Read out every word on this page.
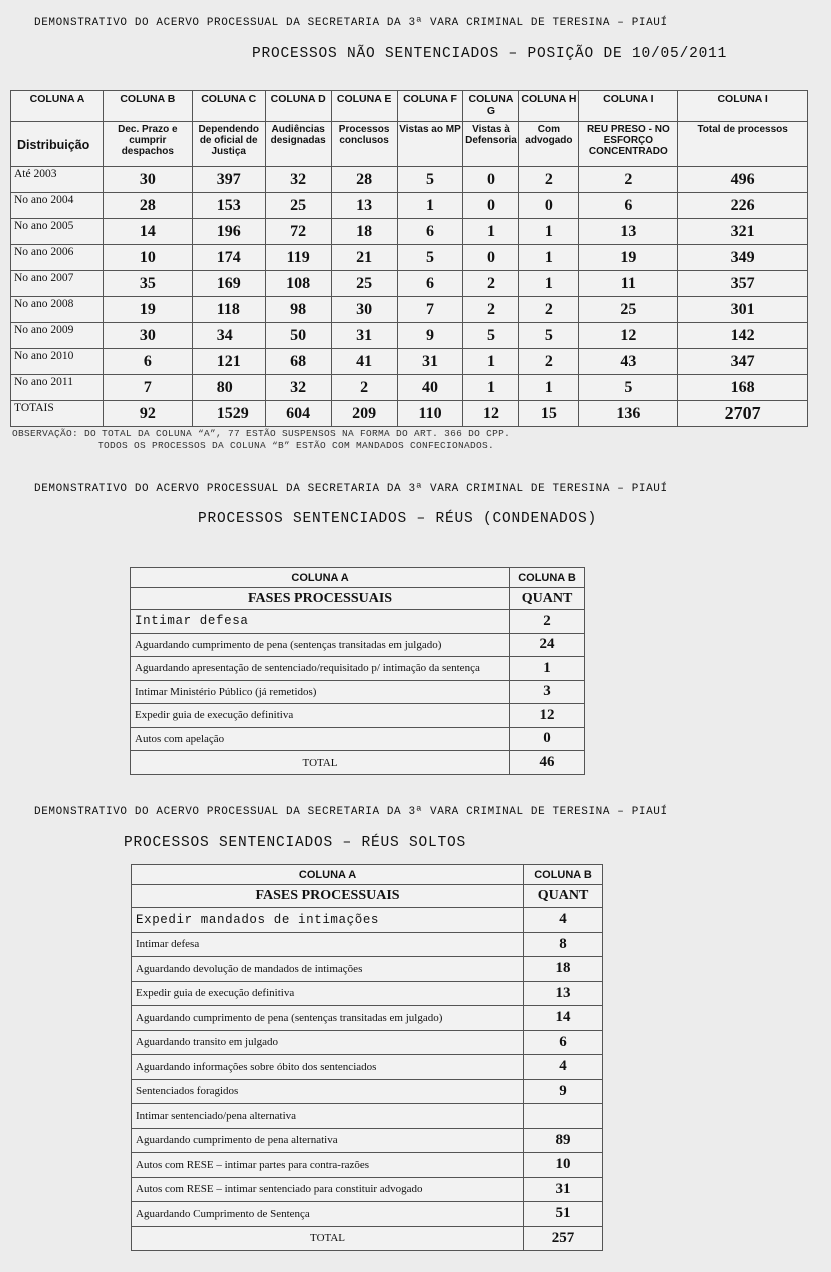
DEMONSTRATIVO DO ACERVO PROCESSUAL DA SECRETARIA DA 3ª VARA CRIMINAL DE TERESINA – PIAUÍ
PROCESSOS NÃO SENTENCIADOS – POSIÇÃO DE 10/05/2011
COLUNA A	COLUNA B	COLUNA C	COLUNA D	COLUNA E	COLUNA F	COLUNA G	COLUNA H	COLUNA I	COLUNA I
Distribuição	Dec. Prazo e cumprir despachos	Dependendo de oficial de Justiça	Audiências designadas	Processos conclusos	Vistas ao MP	Vistas à Defensoria	Com advogado	REU PRESO - NO ESFORÇO CONCENTRADO	Total de processos
Até 2003	30	397	32	28	5	0	2	2	496
No ano 2004	28	153	25	13	1	0	0	6	226
No ano 2005	14	196	72	18	6	1	1	13	321
No ano 2006	10	174	119	21	5	0	1	19	349
No ano 2007	35	169	108	25	6	2	1	11	357
No ano 2008	19	118	98	30	7	2	2	25	301
No ano 2009	30	34	50	31	9	5	5	12	142
No ano 2010	6	121	68	41	31	1	2	43	347
No ano 2011	7	80	32	2	40	1	1	5	168
TOTAIS	92	1529	604	209	110	12	15	136	2707
OBSERVAÇÃO: DO TOTAL DA COLUNA “A”, 77 ESTÃO SUSPENSOS NA FORMA DO ART. 366 DO CPP.
TODOS OS PROCESSOS DA COLUNA “B” ESTÃO COM MANDADOS CONFECIONADOS.
DEMONSTRATIVO DO ACERVO PROCESSUAL DA SECRETARIA DA 3ª VARA CRIMINAL DE TERESINA – PIAUÍ
PROCESSOS SENTENCIADOS – RÉUS (CONDENADOS)
COLUNA A	COLUNA B
FASES PROCESSUAIS	QUANT
Intimar defesa	2
Aguardando cumprimento de pena (sentenças transitadas em julgado)	24
Aguardando apresentação de sentenciado/requisitado p/ intimação da sentença	1
Intimar Ministério Público (já remetidos)	3
Expedir guia de execução definitiva	12
Autos com apelação	0
TOTAL	46
DEMONSTRATIVO DO ACERVO PROCESSUAL DA SECRETARIA DA 3ª VARA CRIMINAL DE TERESINA – PIAUÍ
PROCESSOS SENTENCIADOS – RÉUS SOLTOS
COLUNA A	COLUNA B
FASES PROCESSUAIS	QUANT
Expedir mandados de intimações	4
Intimar defesa	8
Aguardando devolução de mandados de intimações	18
Expedir guia de execução definitiva	13
Aguardando cumprimento de pena (sentenças transitadas em julgado)	14
Aguardando transito em julgado	6
Aguardando informações sobre óbito dos sentenciados	4
Sentenciados foragidos	9
Intimar sentenciado/pena alternativa	
Aguardando cumprimento de pena alternativa	89
Autos com RESE – intimar partes para contra-razões	10
Autos com RESE – intimar sentenciado para constituir advogado	31
Aguardando Cumprimento de Sentença	51
TOTAL	257
